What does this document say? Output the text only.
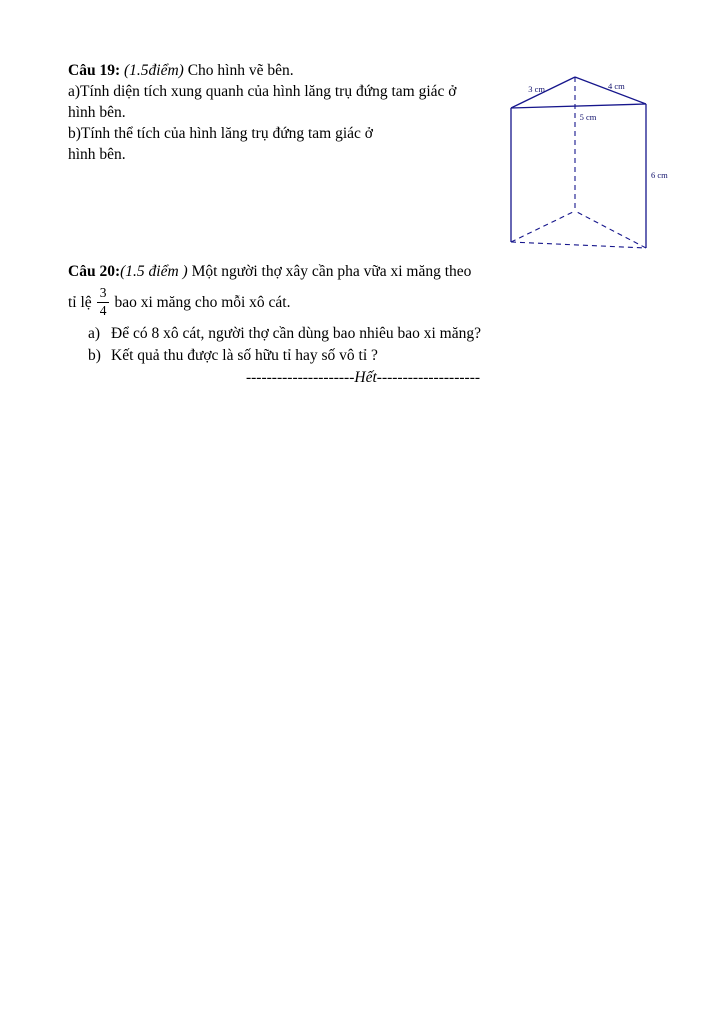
Câu 19: (1.5điểm) Cho hình vẽ bên.

a)Tính diện tích xung quanh của hình lăng trụ đứng tam giác ở

hình bên.

b)Tính thể tích của hình lăng trụ đứng tam giác ở

hình bên.

Câu 20:(1.5 điểm ) Một người thợ xây cần pha vữa xi măng theo

tỉ lệ $\frac{3}{4}$ bao xi măng cho mỗi xô cát.
a) Để có 8 xô cát, người thợ cần dùng bao nhiêu bao xi măng?
b) Kết quả thu được là số hữu tỉ hay số vô tỉ ?

---------------------Hết--------------------

3 cm	4 cm
5 cm
6 cm
